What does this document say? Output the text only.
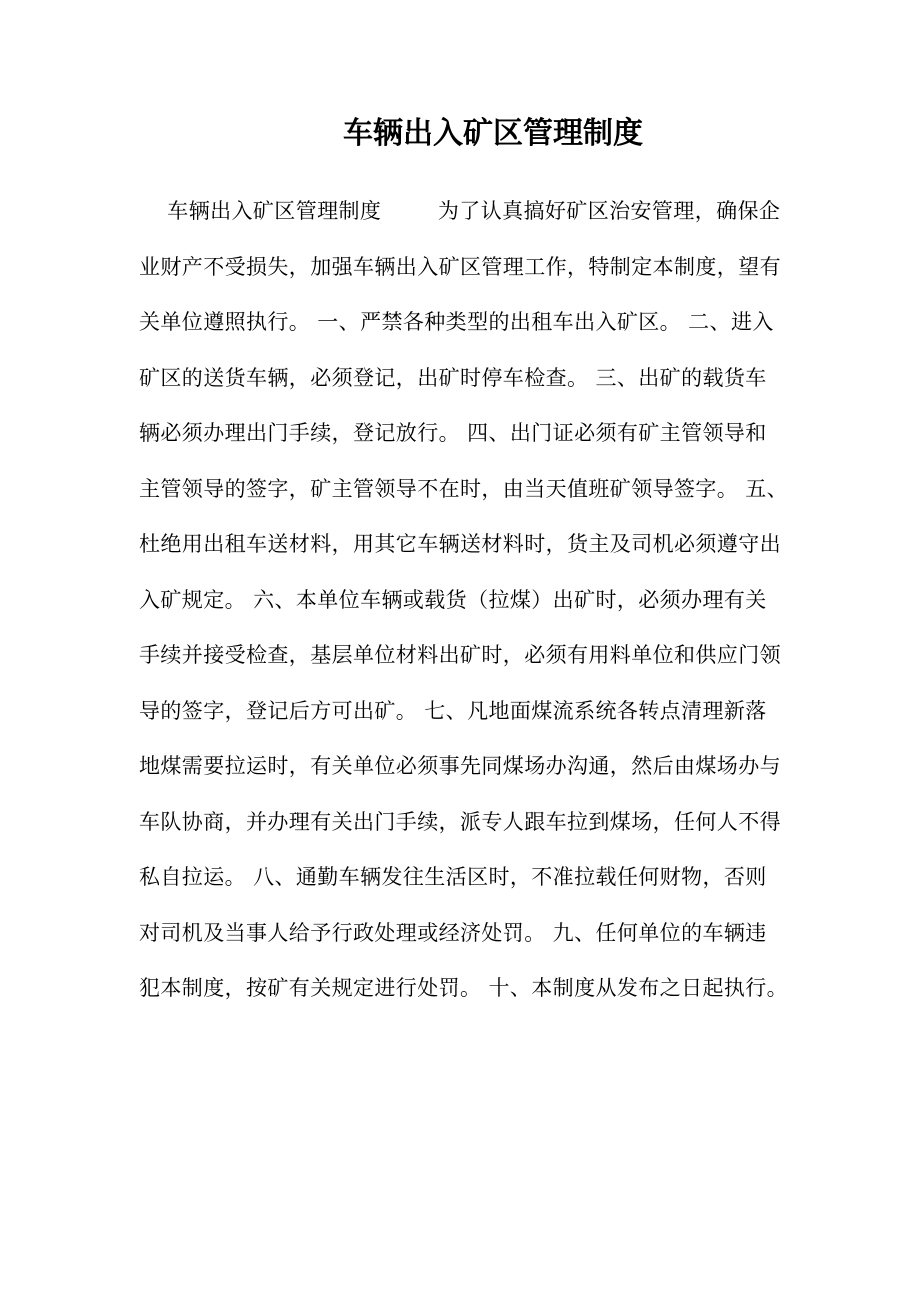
车辆出入矿区管理制度
车辆出入矿区管理制度        为了认真搞好矿区治安管理，确保企
业财产不受损失，加强车辆出入矿区管理工作，特制定本制度，望有
关单位遵照执行。 一、严禁各种类型的出租车出入矿区。 二、进入
矿区的送货车辆，必须登记，出矿时停车检查。 三、出矿的载货车
辆必须办理出门手续，登记放行。 四、出门证必须有矿主管领导和
主管领导的签字，矿主管领导不在时，由当天值班矿领导签字。 五、
杜绝用出租车送材料，用其它车辆送材料时，货主及司机必须遵守出
入矿规定。 六、本单位车辆或载货（拉煤）出矿时，必须办理有关
手续并接受检查，基层单位材料出矿时，必须有用料单位和供应门领
导的签字，登记后方可出矿。 七、凡地面煤流系统各转点清理新落
地煤需要拉运时，有关单位必须事先同煤场办沟通，然后由煤场办与
车队协商，并办理有关出门手续，派专人跟车拉到煤场，任何人不得
私自拉运。 八、通勤车辆发往生活区时，不准拉载任何财物，否则
对司机及当事人给予行政处理或经济处罚。 九、任何单位的车辆违
犯本制度，按矿有关规定进行处罚。 十、本制度从发布之日起执行。
